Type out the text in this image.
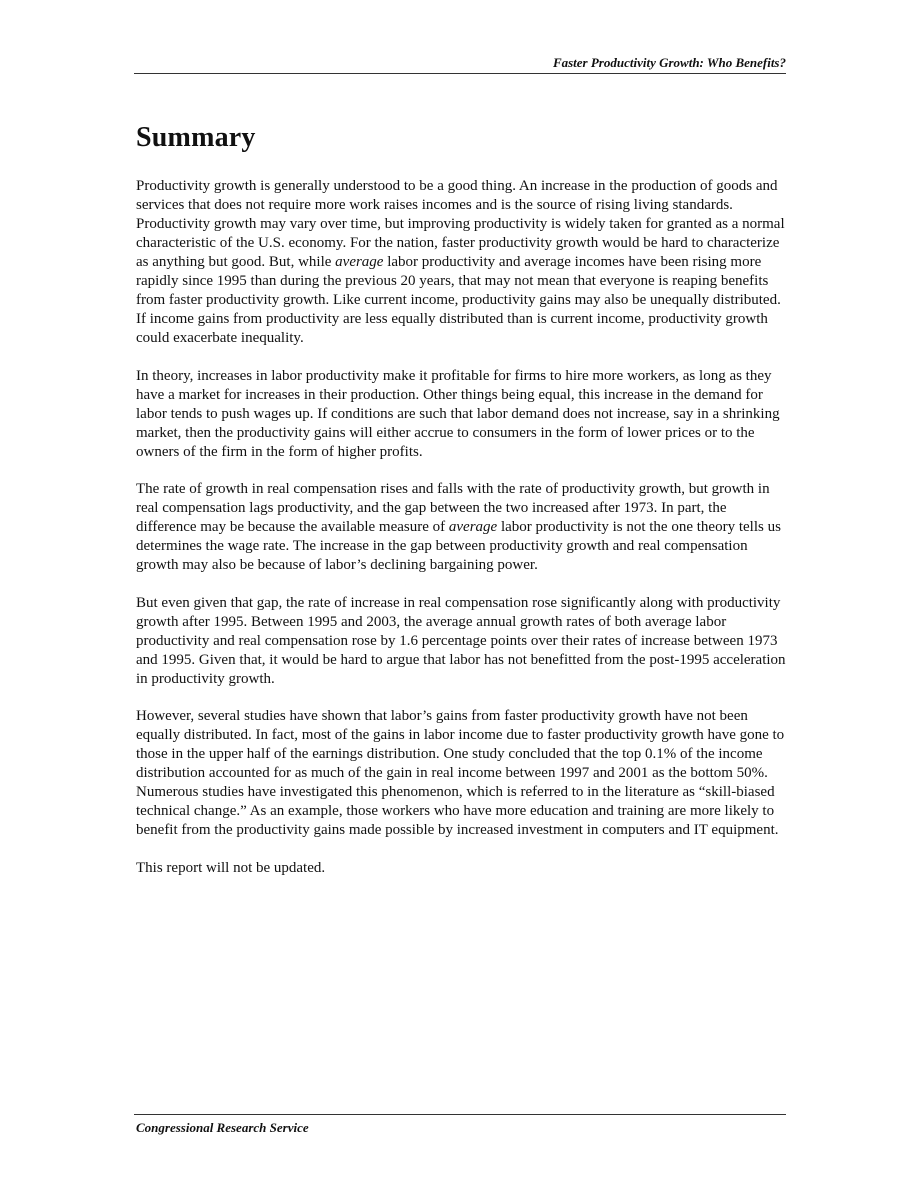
Faster Productivity Growth: Who Benefits?
Summary

Productivity growth is generally understood to be a good thing. An increase in the production of goods and services that does not require more work raises incomes and is the source of rising living standards. Productivity growth may vary over time, but improving productivity is widely taken for granted as a normal characteristic of the U.S. economy. For the nation, faster productivity growth would be hard to characterize as anything but good. But, while average labor productivity and average incomes have been rising more rapidly since 1995 than during the previous 20 years, that may not mean that everyone is reaping benefits from faster productivity growth. Like current income, productivity gains may also be unequally distributed. If income gains from productivity are less equally distributed than is current income, productivity growth could exacerbate inequality.

In theory, increases in labor productivity make it profitable for firms to hire more workers, as long as they have a market for increases in their production. Other things being equal, this increase in the demand for labor tends to push wages up. If conditions are such that labor demand does not increase, say in a shrinking market, then the productivity gains will either accrue to consumers in the form of lower prices or to the owners of the firm in the form of higher profits.

The rate of growth in real compensation rises and falls with the rate of productivity growth, but growth in real compensation lags productivity, and the gap between the two increased after 1973. In part, the difference may be because the available measure of average labor productivity is not the one theory tells us determines the wage rate. The increase in the gap between productivity growth and real compensation growth may also be because of labor’s declining bargaining power.

But even given that gap, the rate of increase in real compensation rose significantly along with productivity growth after 1995. Between 1995 and 2003, the average annual growth rates of both average labor productivity and real compensation rose by 1.6 percentage points over their rates of increase between 1973 and 1995. Given that, it would be hard to argue that labor has not benefitted from the post-1995 acceleration in productivity growth.

However, several studies have shown that labor’s gains from faster productivity growth have not been equally distributed. In fact, most of the gains in labor income due to faster productivity growth have gone to those in the upper half of the earnings distribution. One study concluded that the top 0.1% of the income distribution accounted for as much of the gain in real income between 1997 and 2001 as the bottom 50%. Numerous studies have investigated this phenomenon, which is referred to in the literature as “skill-biased technical change.” As an example, those workers who have more education and training are more likely to benefit from the productivity gains made possible by increased investment in computers and IT equipment.

This report will not be updated.

Congressional Research Service
